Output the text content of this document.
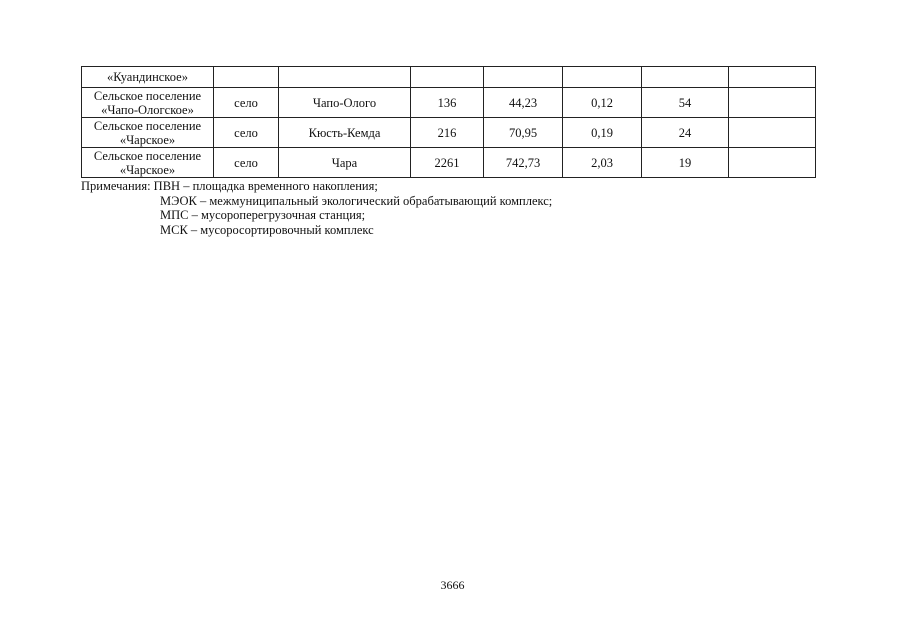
«Куандинское»							

Сельское поселение
«Чапо-Ологское»	село	Чапо-Олого	136	44,23	0,12	54	

Сельское поселение
«Чарское»	село	Кюсть-Кемда	216	70,95	0,19	24	

Сельское поселение
«Чарское»	село	Чара	2261	742,73	2,03	19	
Примечания: ПВН – площадка временного накопления;
МЭОК – межмуниципальный экологический обрабатывающий комплекс;
МПС – мусороперегрузочная станция;
МСК – мусоросортировочный комплекс
3666
